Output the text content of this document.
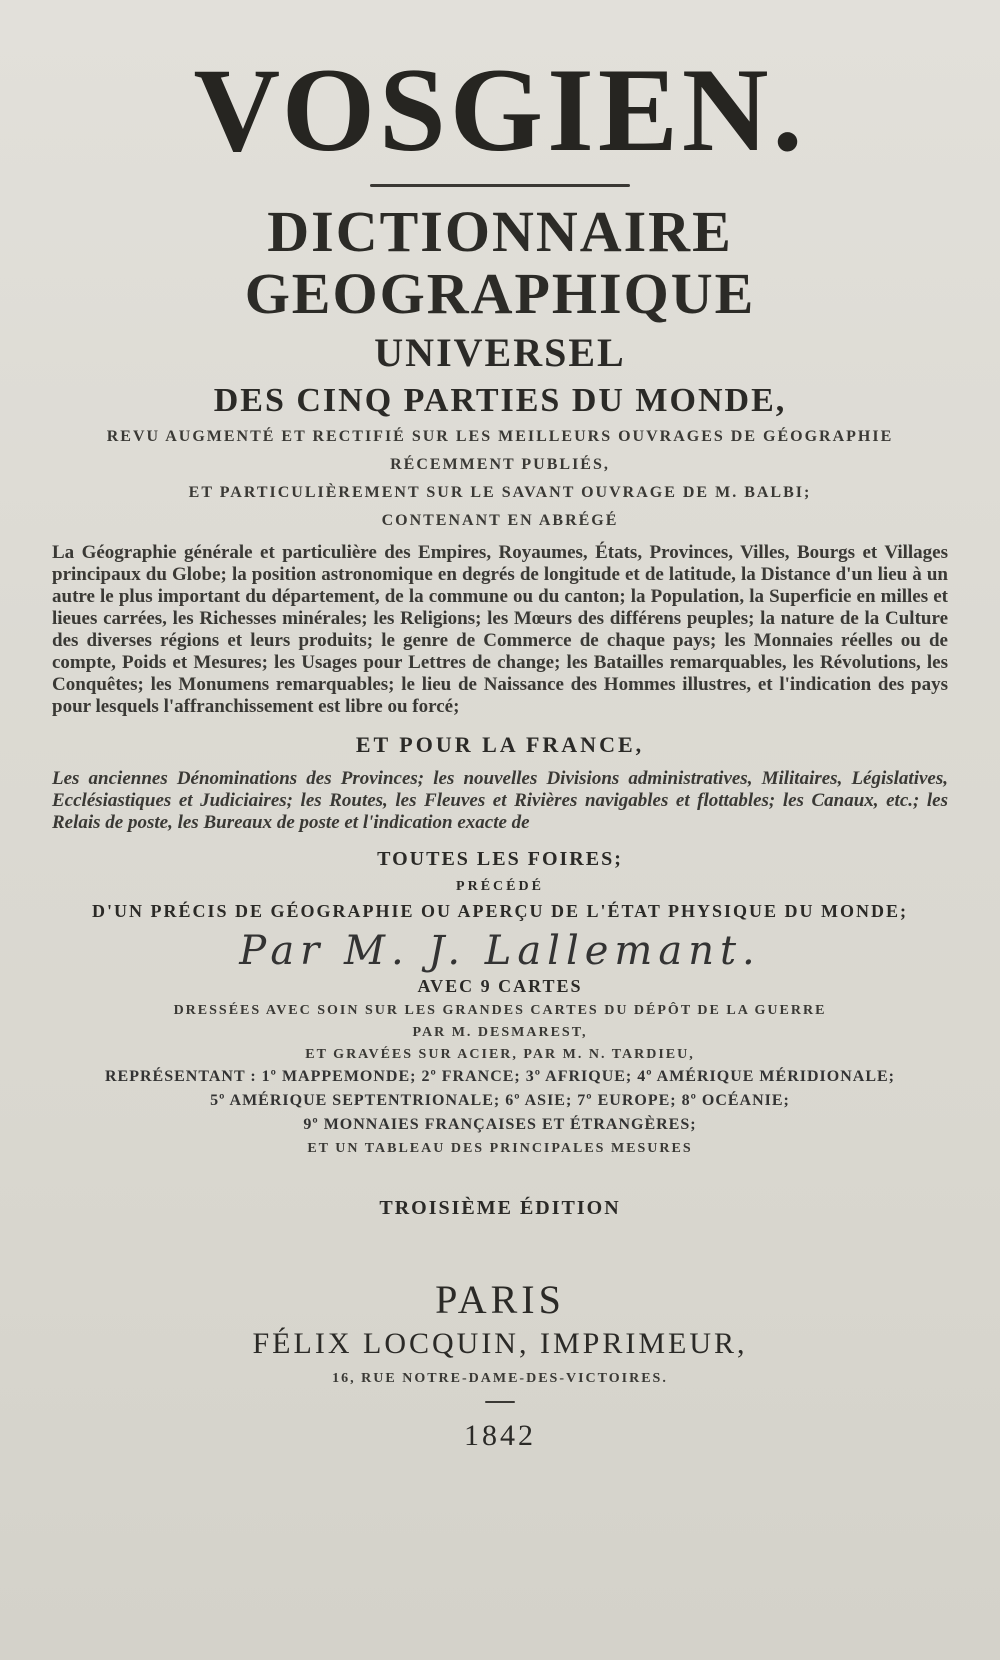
VOSGIEN.
DICTIONNAIRE GEOGRAPHIQUE
UNIVERSEL
DES CINQ PARTIES DU MONDE,
REVU AUGMENTÉ ET RECTIFIÉ SUR LES MEILLEURS OUVRAGES DE GÉOGRAPHIE
RÉCEMMENT PUBLIÉS,
ET PARTICULIÈREMENT SUR LE SAVANT OUVRAGE DE M. BALBI;
CONTENANT EN ABRÉGÉ
La Géographie générale et particulière des Empires, Royaumes, États, Provinces, Villes, Bourgs et Villages principaux du Globe; la position astronomique en degrés de longitude et de latitude, la Distance d'un lieu à un autre le plus important du département, de la commune ou du canton; la Population, la Superficie en milles et lieues carrées, les Richesses minérales; les Religions; les Mœurs des différens peuples; la nature de la Culture des diverses régions et leurs produits; le genre de Commerce de chaque pays; les Monnaies réelles ou de compte, Poids et Mesures; les Usages pour Lettres de change; les Batailles remarquables, les Révolutions, les Conquêtes; les Monumens remarquables; le lieu de Naissance des Hommes illustres, et l'indication des pays pour lesquels l'affranchissement est libre ou forcé;
ET POUR LA FRANCE,
Les anciennes Dénominations des Provinces; les nouvelles Divisions administratives, Militaires, Législatives, Ecclésiastiques et Judiciaires; les Routes, les Fleuves et Rivières navigables et flottables; les Canaux, etc.; les Relais de poste, les Bureaux de poste et l'indication exacte de
TOUTES LES FOIRES;
PRÉCÉDÉ
D'UN PRÉCIS DE GÉOGRAPHIE OU APERÇU DE L'ÉTAT PHYSIQUE DU MONDE;
Par M. J. Lallemant.
AVEC 9 CARTES
DRESSÉES AVEC SOIN SUR LES GRANDES CARTES DU DÉPÔT DE LA GUERRE
PAR M. DESMAREST,
ET GRAVÉES SUR ACIER, PAR M. N. TARDIEU,
REPRÉSENTANT : 1º MAPPEMONDE; 2º FRANCE; 3º AFRIQUE; 4º AMÉRIQUE MÉRIDIONALE;
5º AMÉRIQUE SEPTENTRIONALE; 6º ASIE; 7º EUROPE; 8º OCÉANIE;
9º MONNAIES FRANÇAISES ET ÉTRANGÈRES;
ET UN TABLEAU DES PRINCIPALES MESURES
TROISIÈME ÉDITION
PARIS
FÉLIX LOCQUIN, IMPRIMEUR,
16, RUE NOTRE-DAME-DES-VICTOIRES.
1842
